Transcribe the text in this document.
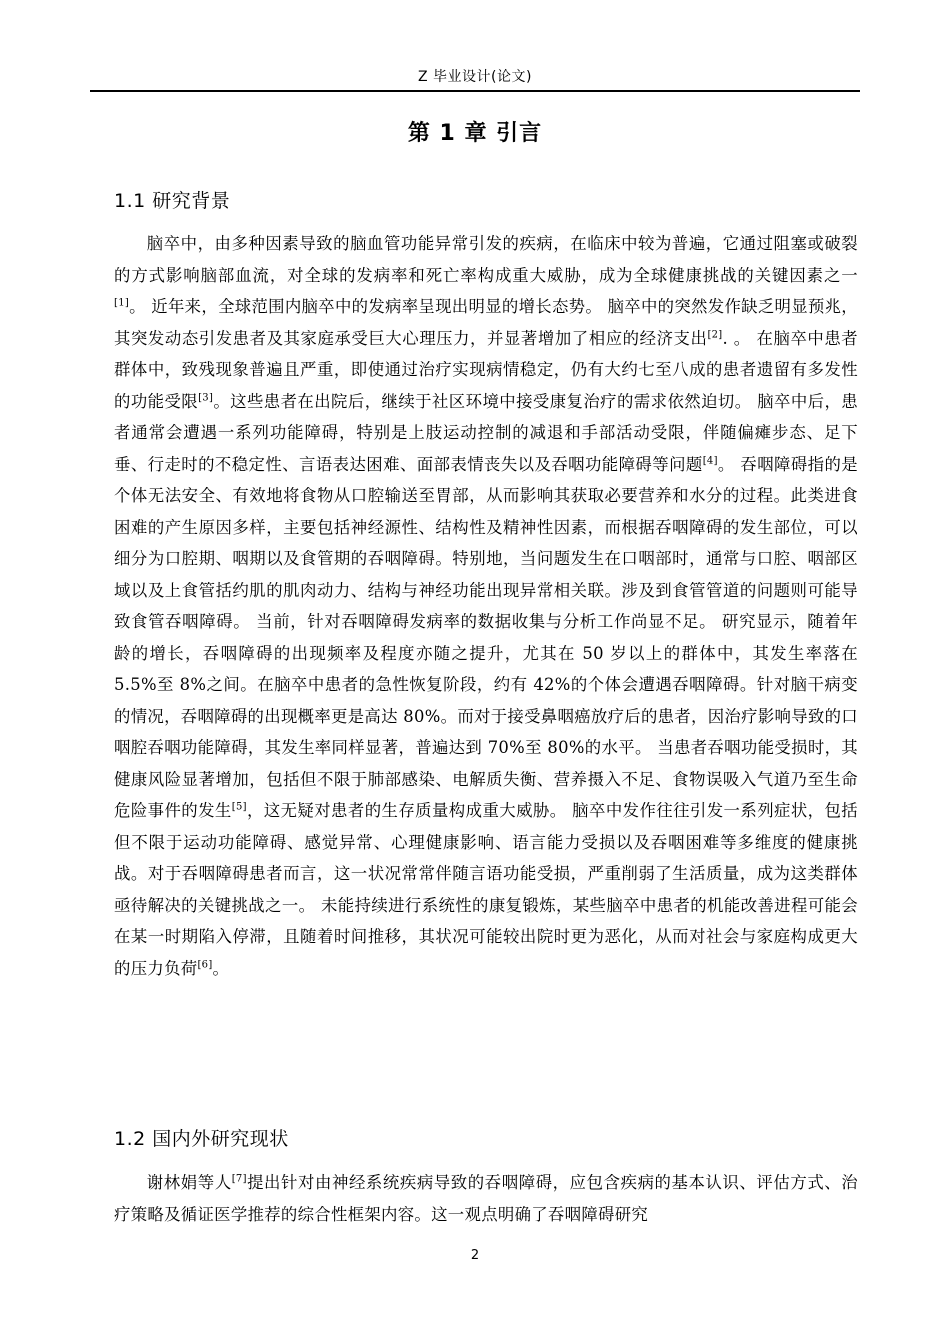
Z 毕业设计(论文)
第 1 章 引言
1.1 研究背景

脑卒中，由多种因素导致的脑血管功能异常引发的疾病，在临床中较为普遍，它通过阻塞或破裂的方式影响脑部血流，对全球的发病率和死亡率构成重大威胁，成为全球健康挑战的关键因素之一[1]。 近年来，全球范围内脑卒中的发病率呈现出明显的增长态势。 脑卒中的突然发作缺乏明显预兆，其突发动态引发患者及其家庭承受巨大心理压力，并显著增加了相应的经济支出[2]. 。 在脑卒中患者群体中，致残现象普遍且严重，即使通过治疗实现病情稳定，仍有大约七至八成的患者遗留有多发性的功能受限[3]。这些患者在出院后，继续于社区环境中接受康复治疗的需求依然迫切。 脑卒中后，患者通常会遭遇一系列功能障碍，特别是上肢运动控制的减退和手部活动受限，伴随偏瘫步态、足下垂、行走时的不稳定性、言语表达困难、面部表情丧失以及吞咽功能障碍等问题[4]。 吞咽障碍指的是个体无法安全、有效地将食物从口腔输送至胃部，从而影响其获取必要营养和水分的过程。此类进食困难的产生原因多样，主要包括神经源性、结构性及精神性因素，而根据吞咽障碍的发生部位，可以细分为口腔期、咽期以及食管期的吞咽障碍。特别地，当问题发生在口咽部时，通常与口腔、咽部区域以及上食管括约肌的肌肉动力、结构与神经功能出现异常相关联。涉及到食管管道的问题则可能导致食管吞咽障碍。 当前，针对吞咽障碍发病率的数据收集与分析工作尚显不足。 研究显示，随着年龄的增长，吞咽障碍的出现频率及程度亦随之提升，尤其在 50 岁以上的群体中，其发生率落在 5.5%至 8%之间。在脑卒中患者的急性恢复阶段，约有 42%的个体会遭遇吞咽障碍。针对脑干病变的情况，吞咽障碍的出现概率更是高达 80%。而对于接受鼻咽癌放疗后的患者，因治疗影响导致的口咽腔吞咽功能障碍，其发生率同样显著，普遍达到 70%至 80%的水平。 当患者吞咽功能受损时，其健康风险显著增加，包括但不限于肺部感染、电解质失衡、营养摄入不足、食物误吸入气道乃至生命危险事件的发生[5]，这无疑对患者的生存质量构成重大威胁。 脑卒中发作往往引发一系列症状，包括但不限于运动功能障碍、感觉异常、心理健康影响、语言能力受损以及吞咽困难等多维度的健康挑战。对于吞咽障碍患者而言，这一状况常常伴随言语功能受损，严重削弱了生活质量，成为这类群体亟待解决的关键挑战之一。 未能持续进行系统性的康复锻炼，某些脑卒中患者的机能改善进程可能会在某一时期陷入停滞，且随着时间推移，其状况可能较出院时更为恶化，从而对社会与家庭构成更大的压力负荷[6]。

1.2 国内外研究现状

谢林娟等人[7]提出针对由神经系统疾病导致的吞咽障碍，应包含疾病的基本认识、评估方式、治疗策略及循证医学推荐的综合性框架内容。这一观点明确了吞咽障碍研究

2
